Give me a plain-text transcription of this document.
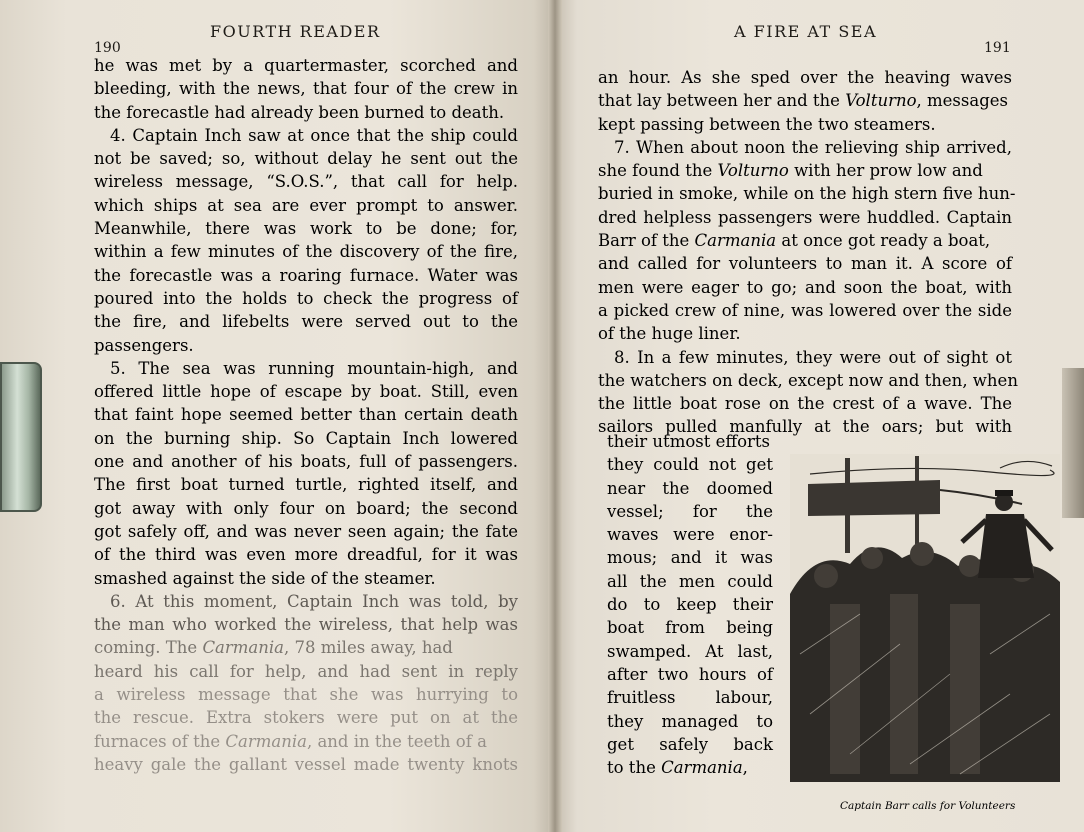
190
FOURTH READER	A FIRE AT SEA
191
he was met by a quartermaster, scorched and
bleeding, with the news, that four of the crew in
the forecastle had already been burned to death.
4. Captain Inch saw at once that the ship could
not be saved; so, without delay he sent out the
wireless message, “S.O.S.”, that call for help.
which ships at sea are ever prompt to answer.
Meanwhile, there was work to be done; for,
within a few minutes of the discovery of the fire,
the forecastle was a roaring furnace. Water was
poured into the holds to check the progress of
the fire, and lifebelts were served out to the
passengers.
5. The sea was running mountain-high, and
offered little hope of escape by boat. Still, even
that faint hope seemed better than certain death
on the burning ship. So Captain Inch lowered
one and another of his boats, full of passengers.
The first boat turned turtle, righted itself, and
got away with only four on board; the second
got safely off, and was never seen again; the fate
of the third was even more dreadful, for it was
smashed against the side of the steamer.
6. At this moment, Captain Inch was told, by
the man who worked the wireless, that help was
coming. The Carmania, 78 miles away, had
heard his call for help, and had sent in reply
a wireless message that she was hurrying to
the rescue. Extra stokers were put on at the
furnaces of the Carmania, and in the teeth of a
heavy gale the gallant vessel made twenty knots
an hour. As she sped over the heaving waves
that lay between her and the Volturno, messages
kept passing between the two steamers.
7. When about noon the relieving ship arrived,
she found the Volturno with her prow low and
buried in smoke, while on the high stern five hun-
dred helpless passengers were huddled. Captain
Barr of the Carmania at once got ready a boat,
and called for volunteers to man it. A score of
men were eager to go; and soon the boat, with
a picked crew of nine, was lowered over the side
of the huge liner.
8. In a few minutes, they were out of sight ot
the watchers on deck, except now and then, when
the little boat rose on the crest of a wave. The
sailors pulled manfully at the oars; but with
their utmost efforts
they could not get
near the doomed
vessel; for the
waves were enor-
mous; and it was
all the men could
do to keep their
boat from being
swamped. At last,
after two hours of
fruitless labour,
they managed to
get safely back
to the Carmania,
Captain Barr calls for Volunteers
